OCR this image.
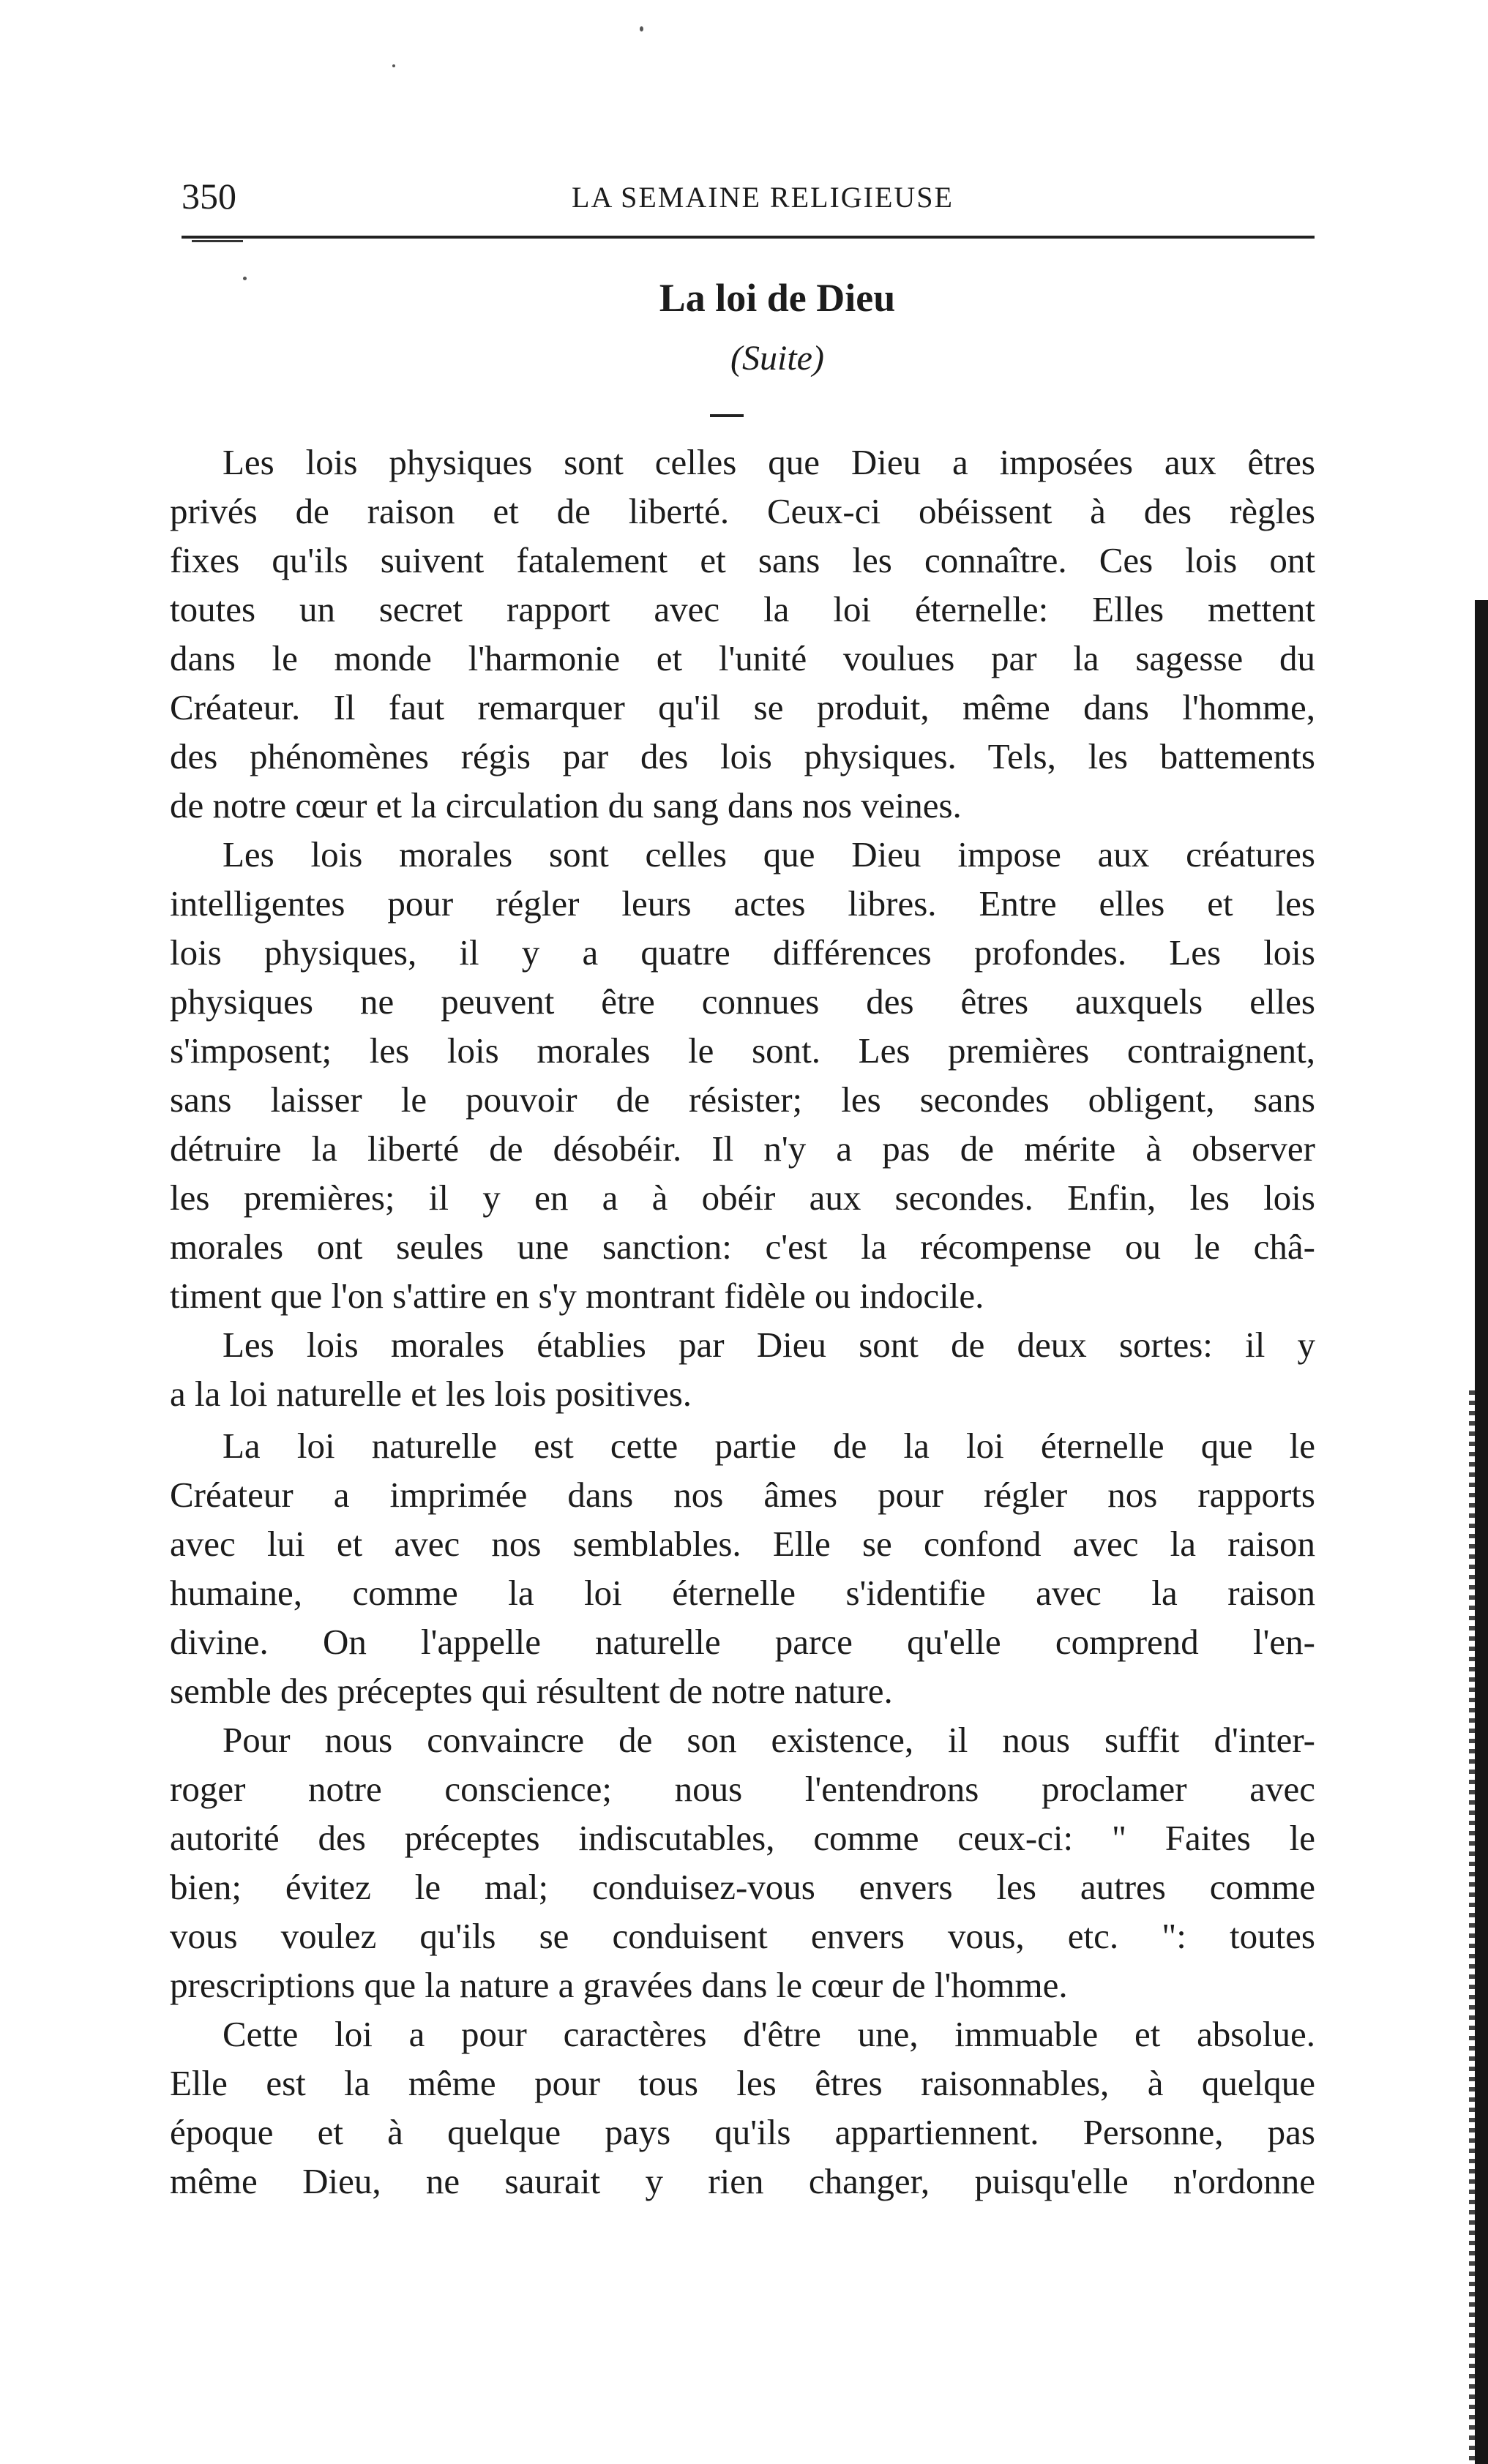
350	LA SEMAINE RELIGIEUSE
La loi de Dieu
(Suite)
Les lois physiques sont celles que Dieu a imposées aux êtres
privés de raison et de liberté. Ceux-ci obéissent à des règles
fixes qu'ils suivent fatalement et sans les connaître. Ces lois ont
toutes un secret rapport avec la loi éternelle: Elles mettent
dans le monde l'harmonie et l'unité voulues par la sagesse du
Créateur. Il faut remarquer qu'il se produit, même dans l'homme,
des phénomènes régis par des lois physiques. Tels, les battements
de notre cœur et la circulation du sang dans nos veines.
Les lois morales sont celles que Dieu impose aux créatures
intelligentes pour régler leurs actes libres. Entre elles et les
lois physiques, il y a quatre différences profondes. Les lois
physiques ne peuvent être connues des êtres auxquels elles
s'imposent; les lois morales le sont. Les premières contraignent,
sans laisser le pouvoir de résister; les secondes obligent, sans
détruire la liberté de désobéir. Il n'y a pas de mérite à observer
les premières; il y en a à obéir aux secondes. Enfin, les lois
morales ont seules une sanction: c'est la récompense ou le châ-
timent que l'on s'attire en s'y montrant fidèle ou indocile.
Les lois morales établies par Dieu sont de deux sortes: il y
a la loi naturelle et les lois positives.
La loi naturelle est cette partie de la loi éternelle que le
Créateur a imprimée dans nos âmes pour régler nos rapports
avec lui et avec nos semblables. Elle se confond avec la raison
humaine, comme la loi éternelle s'identifie avec la raison
divine. On l'appelle naturelle parce qu'elle comprend l'en-
semble des préceptes qui résultent de notre nature.
Pour nous convaincre de son existence, il nous suffit d'inter-
roger notre conscience; nous l'entendrons proclamer avec
autorité des préceptes indiscutables, comme ceux-ci: " Faites le
bien; évitez le mal; conduisez-vous envers les autres comme
vous voulez qu'ils se conduisent envers vous, etc. ": toutes
prescriptions que la nature a gravées dans le cœur de l'homme.
Cette loi a pour caractères d'être une, immuable et absolue.
Elle est la même pour tous les êtres raisonnables, à quelque
époque et à quelque pays qu'ils appartiennent. Personne, pas
même Dieu, ne saurait y rien changer, puisqu'elle n'ordonne
